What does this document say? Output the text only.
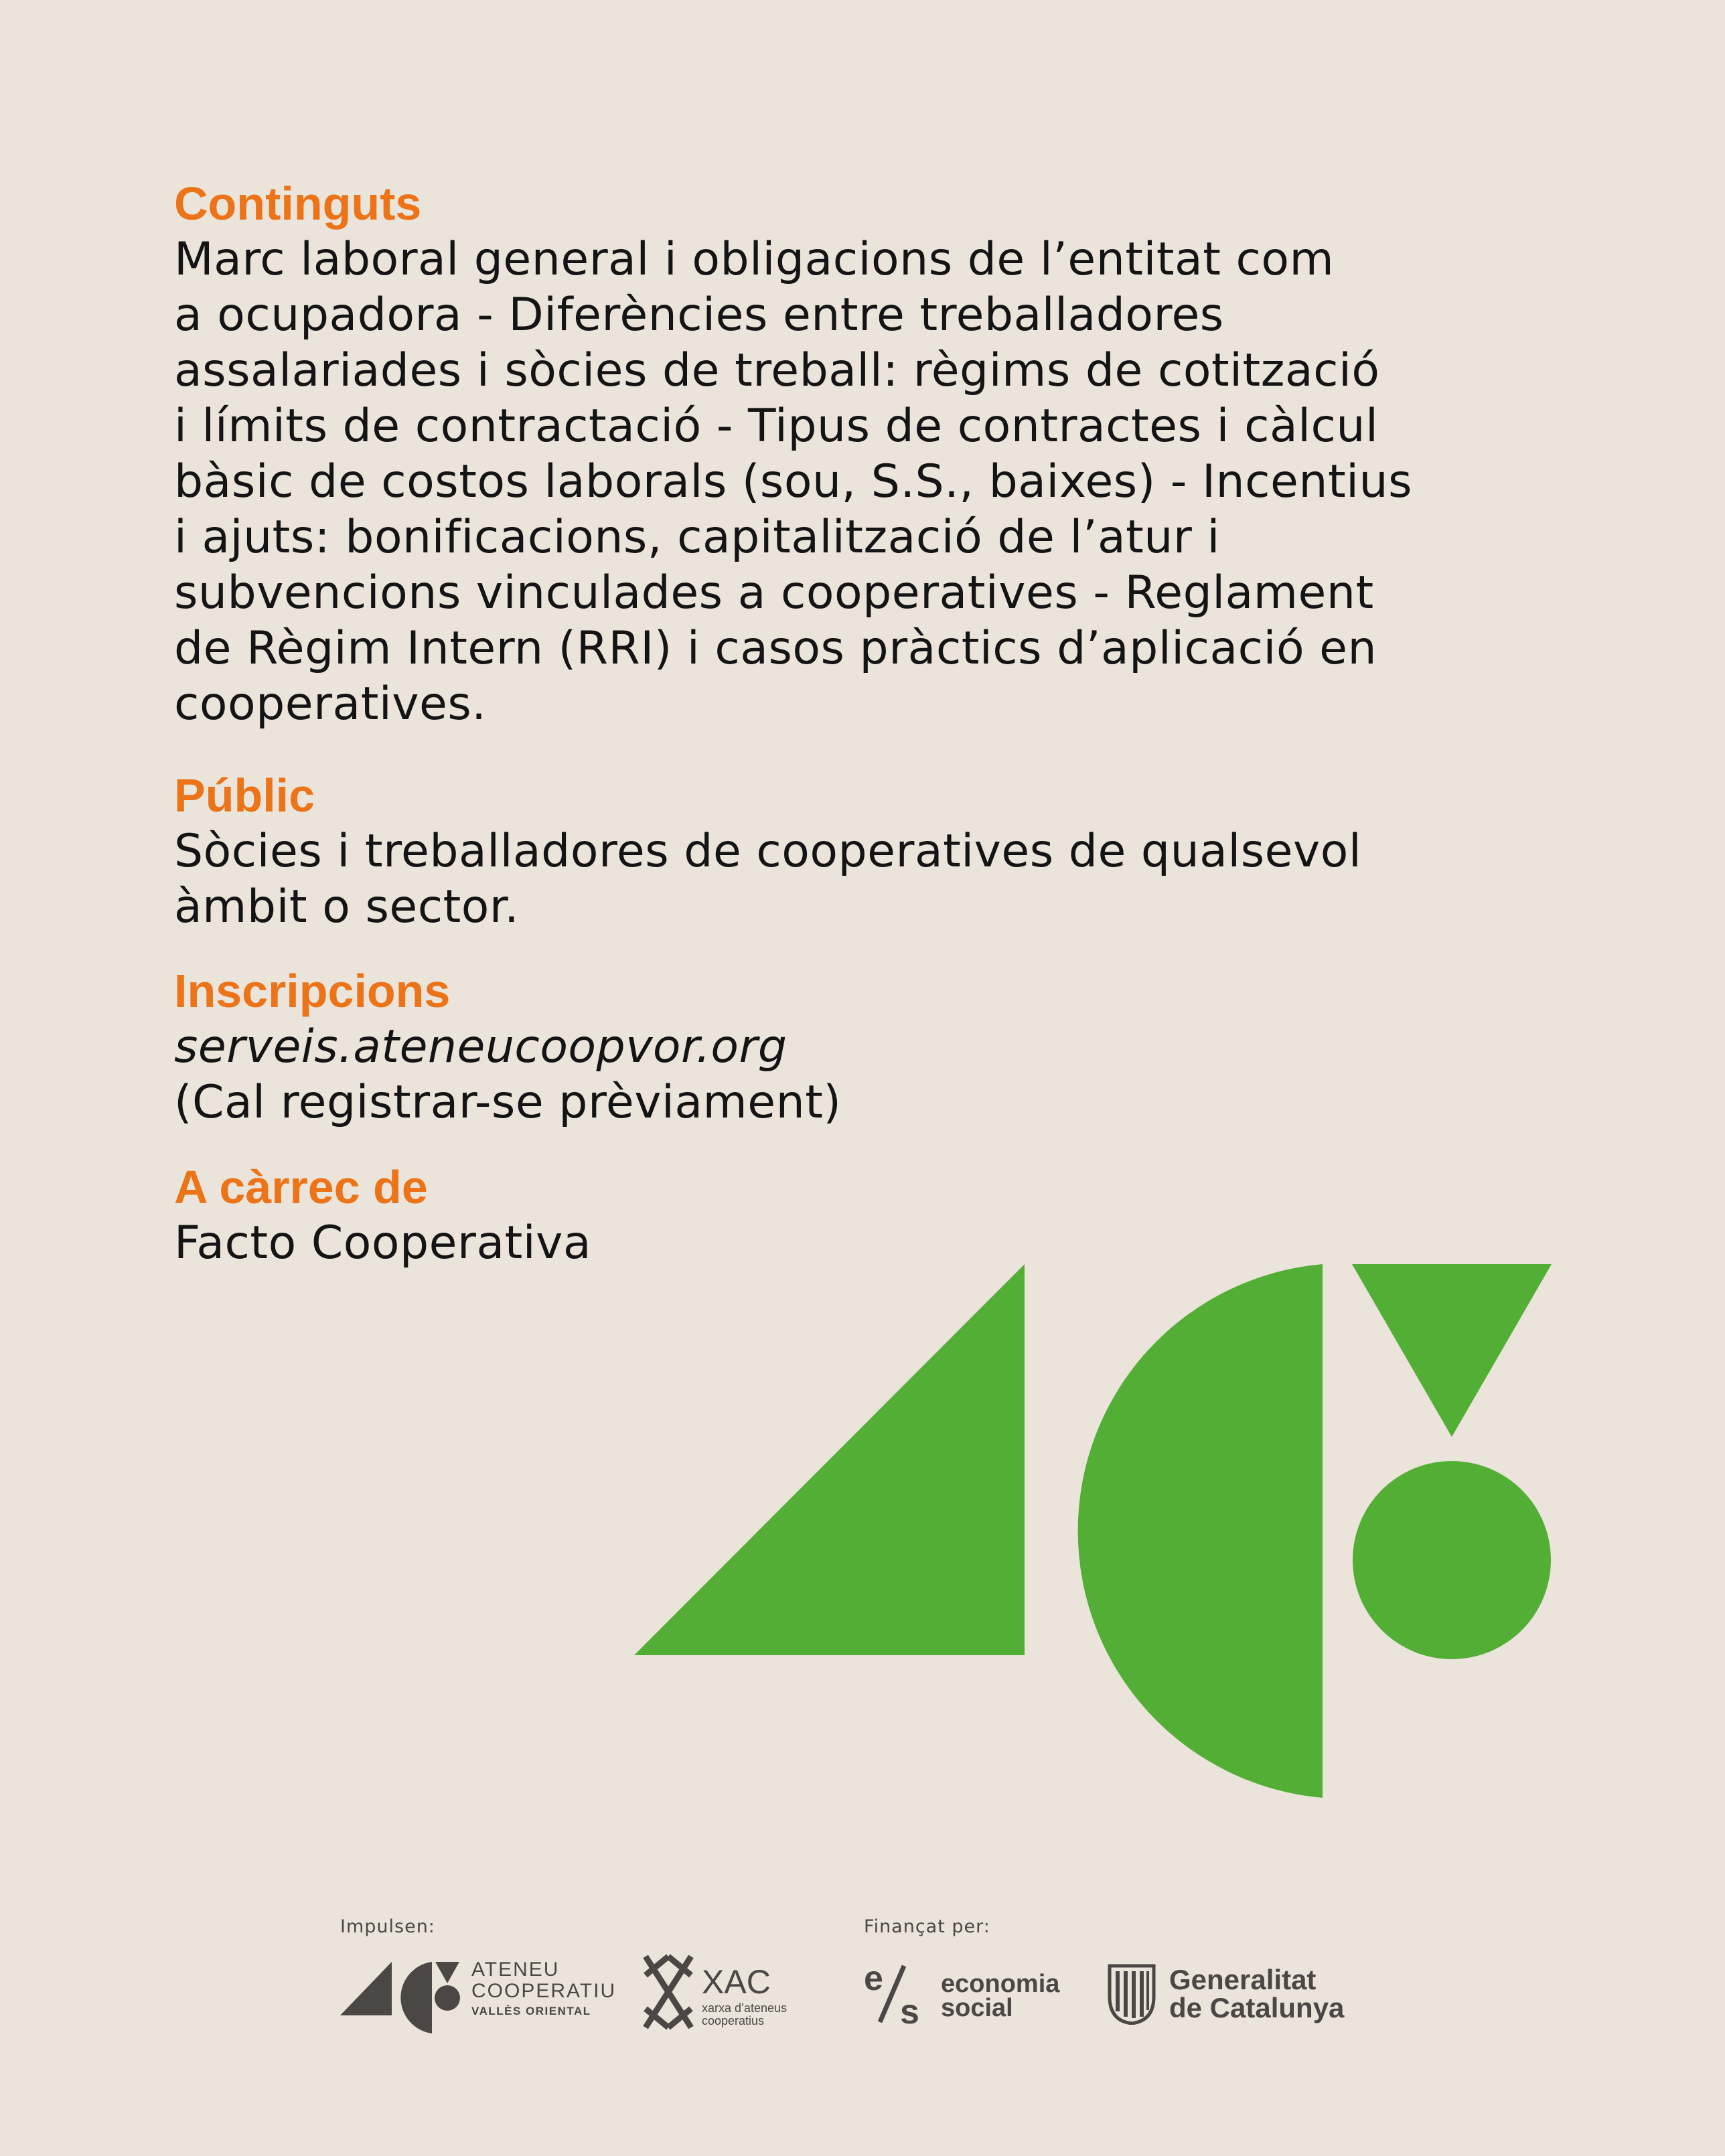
Continguts

Marc laboral general i obligacions de l’entitat com

a ocupadora - Diferències entre treballadores

assalariades i sòcies de treball: règims de cotització

i límits de contractació - Tipus de contractes i càlcul

bàsic de costos laborals (sou, S.S., baixes) - Incentius

i ajuts: bonificacions, capitalització de l’atur i

subvencions vinculades a cooperatives - Reglament

de Règim Intern (RRI) i casos pràctics d’aplicació en

cooperatives.

Públic

Sòcies i treballadores de cooperatives de qualsevol

àmbit o sector.

Inscripcions

serveis.ateneucoopvor.org

(Cal registrar-se prèviament)

A càrrec de

Facto Cooperativa

Impulsen:	Finançat per:
ATENEU
COOPERATIU
VALLÈS ORIENTAL
XAC
xarxa d’ateneus
cooperatius
e
s
economia
social
Generalitat
de Catalunya
